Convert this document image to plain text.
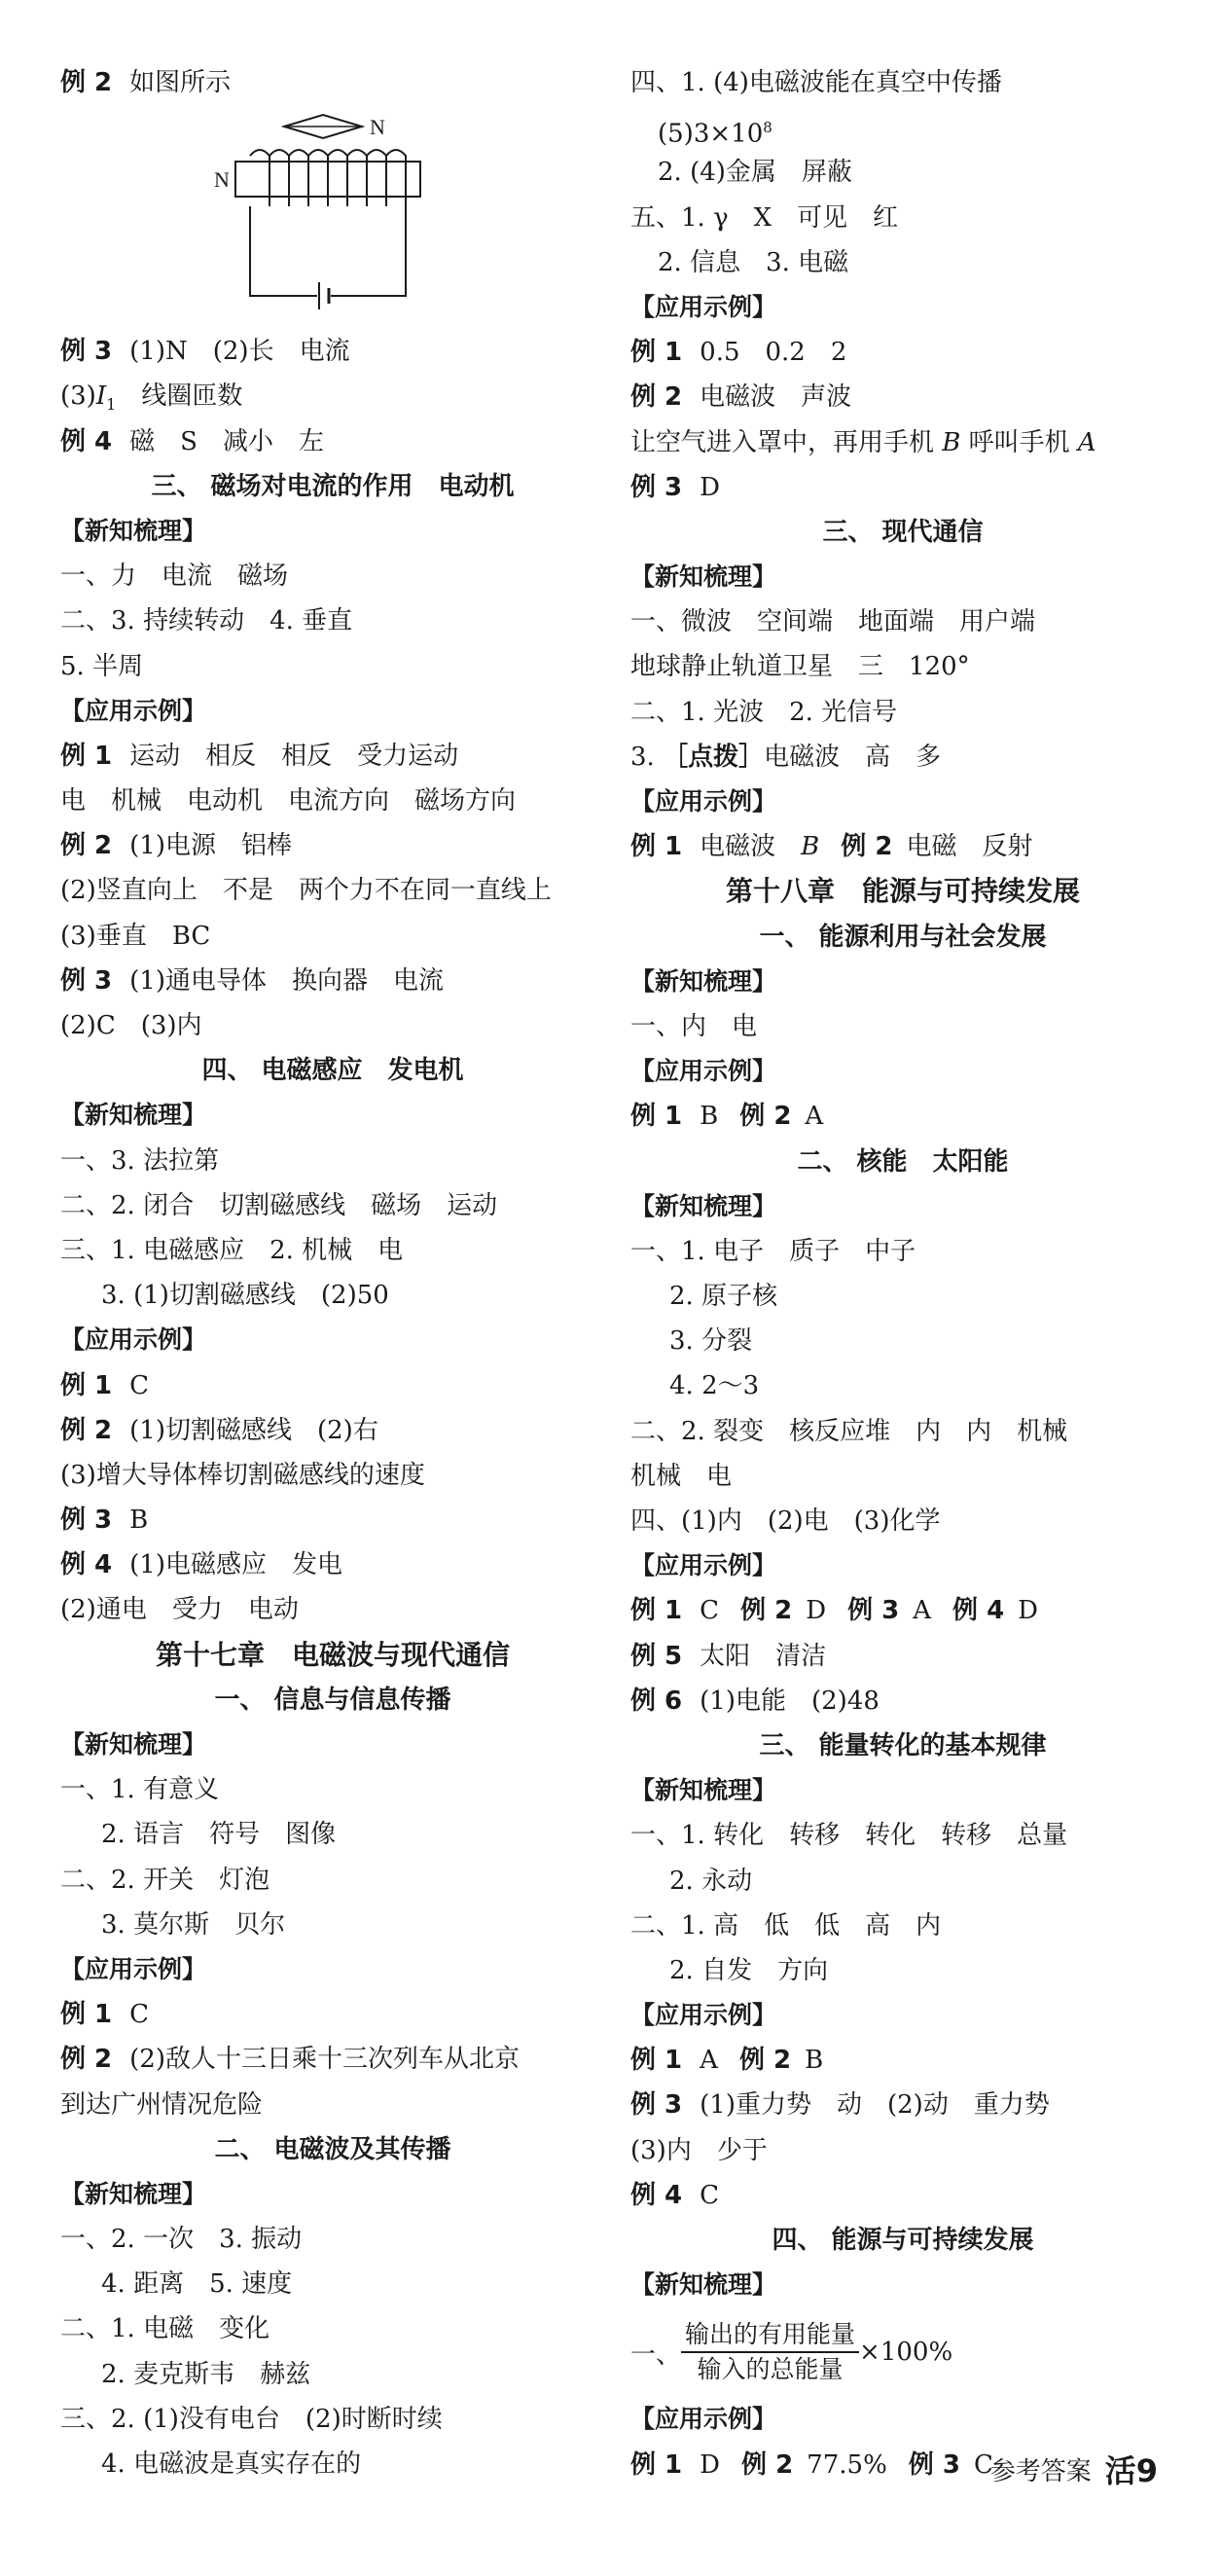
例 2 如图所示
N
N
例 3 (1)N　(2)长　电流
$(3)I_1$　线圈匝数
例 4 磁　S　减小　左
三、 磁场对电流的作用　电动机
【新知梳理】
一、力　电流　磁场
二、3. 持续转动　4. 垂直
5. 半周
【应用示例】
例 1 运动　相反　相反　受力运动
电　机械　电动机　电流方向　磁场方向
例 2 (1)电源　铝棒
(2)竖直向上　不是　两个力不在同一直线上
(3)垂直　BC
例 3 (1)通电导体　换向器　电流
(2)C　(3)内
四、 电磁感应　发电机
【新知梳理】
一、3. 法拉第
二、2. 闭合　切割磁感线　磁场　运动
三、1. 电磁感应　2. 机械　电
3. (1)切割磁感线　(2)50
【应用示例】
例 1 C
例 2 (1)切割磁感线　(2)右
(3)增大导体棒切割磁感线的速度
例 3 B
例 4 (1)电磁感应　发电
(2)通电　受力　电动
第十七章　电磁波与现代通信
一、 信息与信息传播
【新知梳理】
一、1. 有意义
2. 语言　符号　图像
二、2. 开关　灯泡
3. 莫尔斯　贝尔
【应用示例】
例 1 C
例 2 (2)敌人十三日乘十三次列车从北京
到达广州情况危险
二、 电磁波及其传播
【新知梳理】
一、2. 一次　3. 振动
4. 距离　5. 速度
二、1. 电磁　变化
2. 麦克斯韦　赫兹
三、2. (1)没有电台　(2)时断时续
4. 电磁波是真实存在的
四、1. (4)电磁波能在真空中传播
$(5)3\times 10^8$
2. (4)金属　屏蔽
五、1. γ　X　可见　红
2. 信息　3. 电磁
【应用示例】
例 1 0.5　0.2　2
例 2 电磁波　声波
让空气进入罩中，再用手机 B 呼叫手机 A
例 3 D
三、 现代通信
【新知梳理】
一、微波　空间端　地面端　用户端
地球静止轨道卫星　三　120°
二、1. 光波　2. 光信号
3. ［点拨］电磁波　高　多
【应用示例】
例 1 电磁波　B 例 2 电磁　反射
第十八章　能源与可持续发展
一、 能源利用与社会发展
【新知梳理】
一、内　电
【应用示例】
例 1 B 例 2 A
二、 核能　太阳能
【新知梳理】
一、1. 电子　质子　中子
2. 原子核
3. 分裂
4. 2～3
二、2. 裂变　核反应堆　内　内　机械
机械　电
四、(1)内　(2)电　(3)化学
【应用示例】
例 1 C 例 2 D 例 3 A 例 4 D
例 5 太阳　清洁
例 6 (1)电能　(2)48
三、 能量转化的基本规律
【新知梳理】
一、1. 转化　转移　转化　转移　总量
2. 永动
二、1. 高　低　低　高　内
2. 自发　方向
【应用示例】
例 1 A 例 2 B
例 3 (1)重力势　动　(2)动　重力势
(3)内　少于
例 4 C
四、 能源与可持续发展
【新知梳理】
一、 $\frac{\text{输出的有用能量}}{\text{输入的总能量}} \times 100\%$
【应用示例】
例 1 D 例 2 77.5% 例 3 C
参考答案 活9
